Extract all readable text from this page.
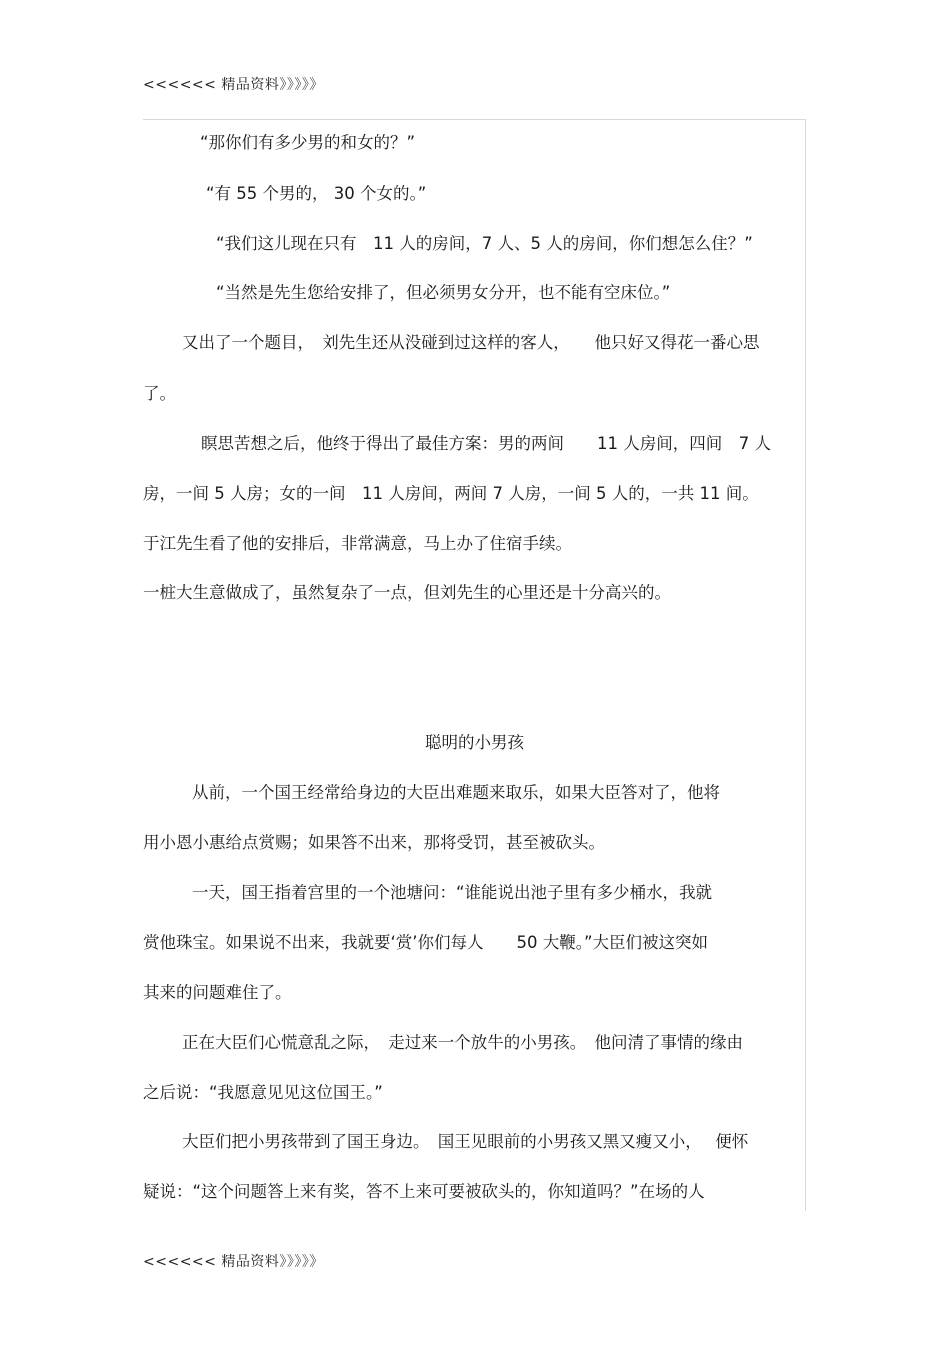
<<<<<< 精品资料》》》》》
“那你们有多少男的和女的？”
“有 55 个男的， 30 个女的。”
“我们这儿现在只有　11 人的房间，7 人、5 人的房间，你们想怎么住？”
“当然是先生您给安排了，但必须男女分开，也不能有空床位。”
又出了一个题目，　刘先生还从没碰到过这样的客人，　　他只好又得花一番心思
了。
瞑思苦想之后，他终于得出了最佳方案：男的两间　　11 人房间，四间　7 人
房，一间 5 人房；女的一间　11 人房间，两间 7 人房，一间 5 人的，一共 11 间。
于江先生看了他的安排后，非常满意，马上办了住宿手续。
一桩大生意做成了，虽然复杂了一点，但刘先生的心里还是十分高兴的。
聪明的小男孩
从前，一个国王经常给身边的大臣出难题来取乐，如果大臣答对了，他将
用小恩小惠给点赏赐；如果答不出来，那将受罚，甚至被砍头。
一天，国王指着宫里的一个池塘问：“谁能说出池子里有多少桶水，我就
赏他珠宝。如果说不出来，我就要‘赏’你们每人　　50 大鞭。”大臣们被这突如
其来的问题难住了。
正在大臣们心慌意乱之际，　走过来一个放牛的小男孩。　他问清了事情的缘由
之后说：“我愿意见见这位国王。”
大臣们把小男孩带到了国王身边。　国王见眼前的小男孩又黑又瘦又小，　 便怀
疑说：“这个问题答上来有奖，答不上来可要被砍头的，你知道吗？”在场的人
<<<<<< 精品资料》》》》》
